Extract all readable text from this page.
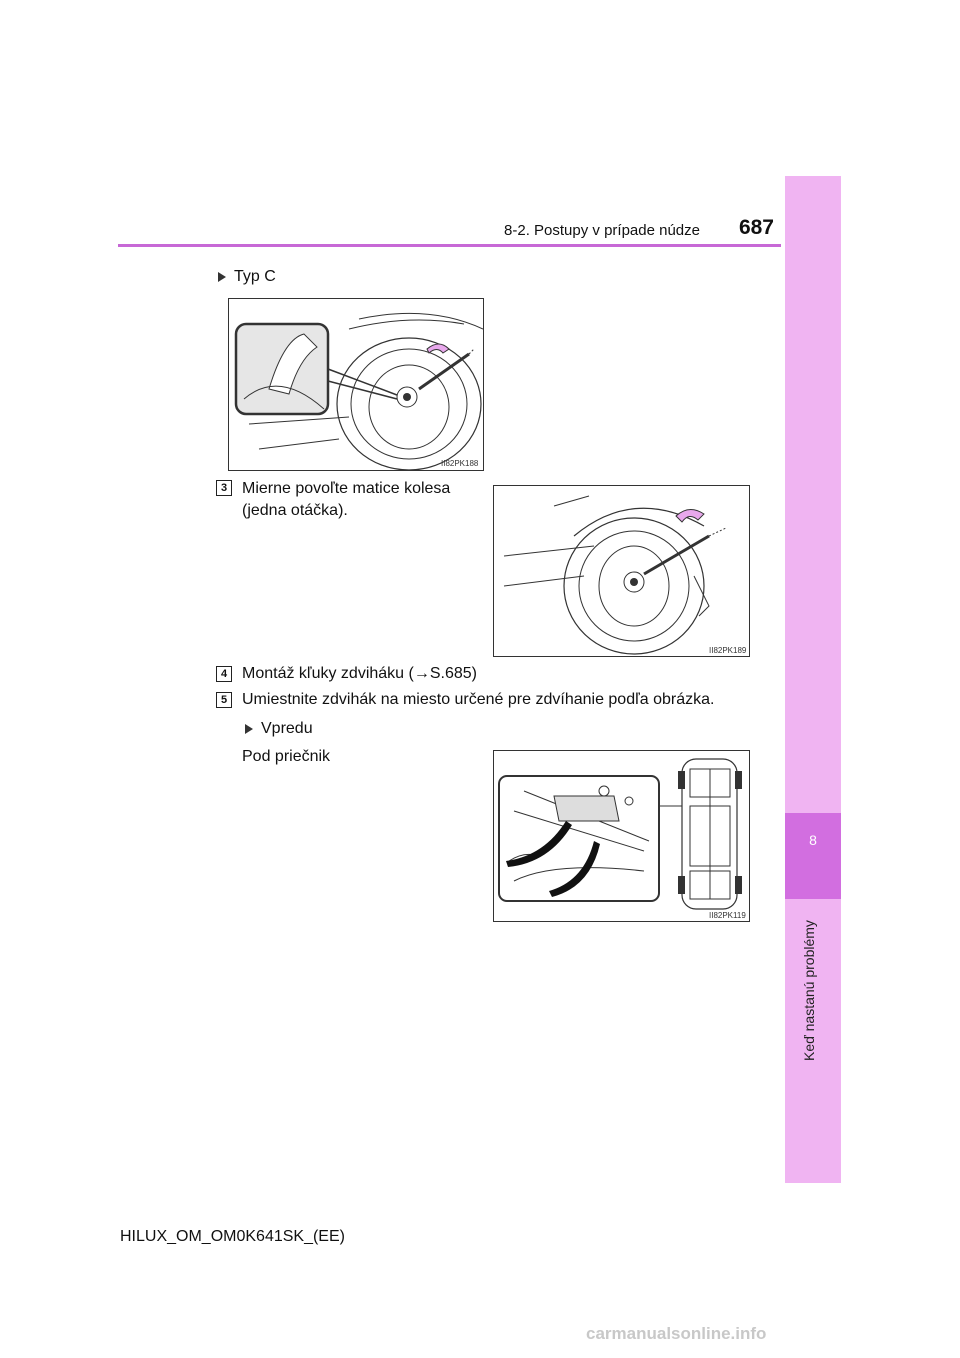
8-2. Postupy v prípade núdze	687
8
Keď nastanú problémy
Typ C
II82PK188
3 Mierne povoľte matice kolesa
(jedna otáčka).
II82PK189
4 Montáž kľuky zdviháku (→S.685)
5 Umiestnite zdvihák na miesto určené pre zdvíhanie podľa obrázka.
Vpredu
Pod priečnik
II82PK119
HILUX_OM_OM0K641SK_(EE)
carmanualsonline.info
